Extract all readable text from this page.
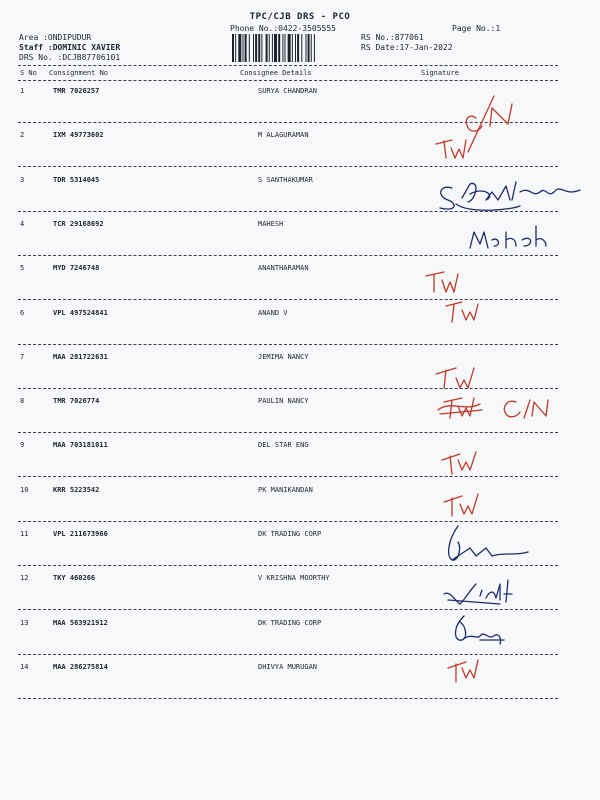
TPC/CJB DRS - PCO
Phone No.:0422-3505555	Page No.:1
Area :ONDIPUDUR
Staff :DOMINIC XAVIER
DRS No. :DCJB87706101
RS No.:877061
RS Date:17-Jan-2022
S No Consignment No	Consignee Details	Signature
1	TMR 7026257	SURYA CHANDRAN
2	IXM 49773602	M ALAGURAMAN
3	TDR 5314045	S SANTHAKUMAR
4	TCR 29168692	MAHESH
5	MYD 7246748	ANANTHARAMAN
6	VPL 497524841	ANAND V
7	MAA 281722631	JEMIMA NANCY
8	TMR 7026774	PAULIN NANCY
9	MAA 703181011	DEL STAR ENG
10	KRR 5223542	PK MANIKANDAN
11	VPL 211673966	DK TRADING CORP
12	TKY 460266	V KRISHNA MOORTHY
13	MAA 563921912	DK TRADING CORP
14	MAA 286275814	DHIVYA MURUGAN
